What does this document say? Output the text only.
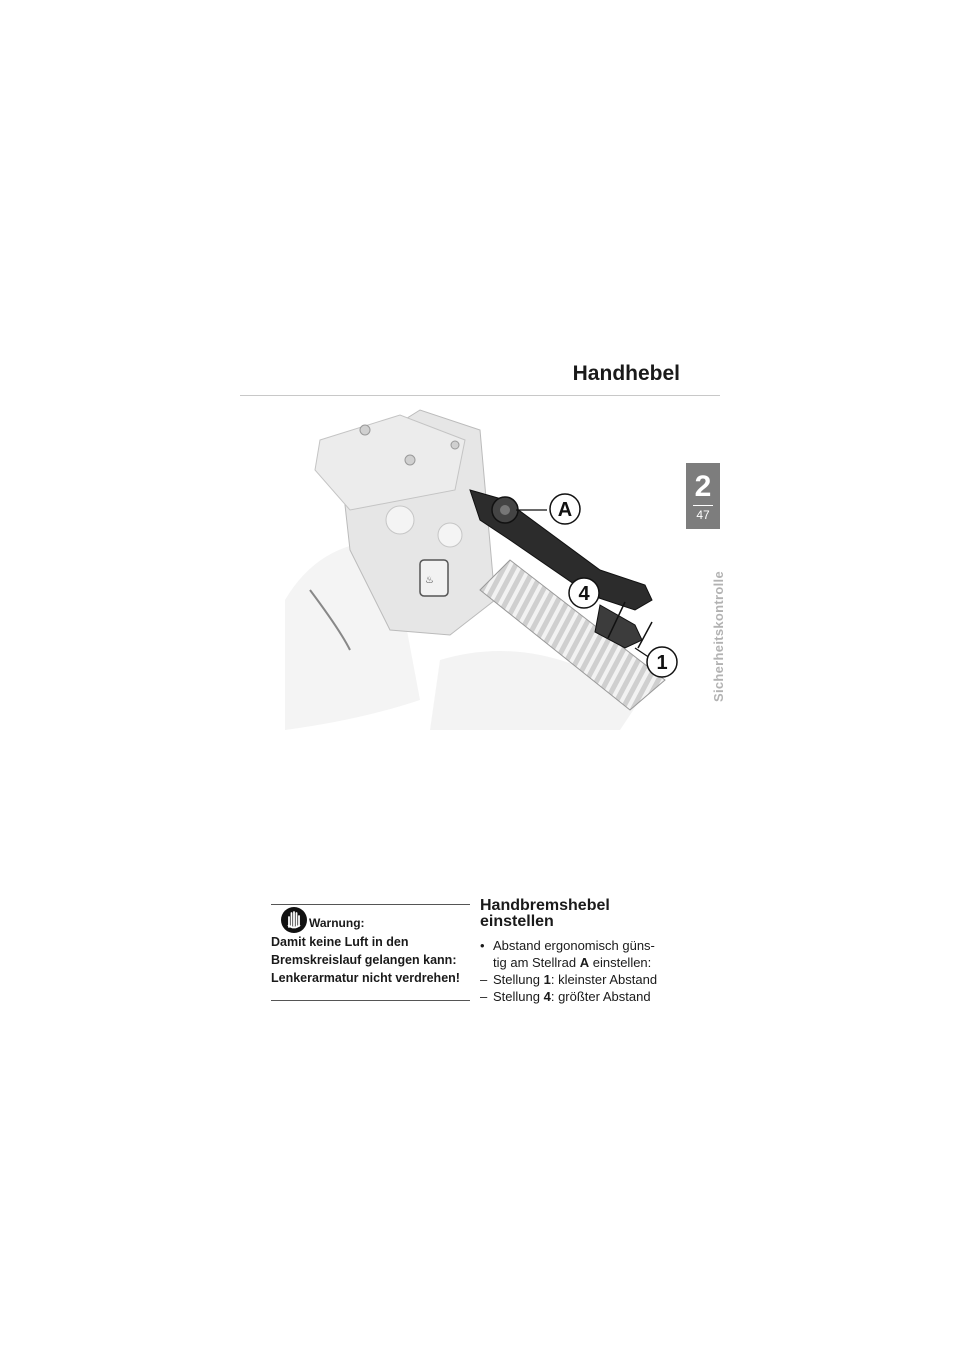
Handhebel
2
47
Sicherheitskontrolle
♨
A
4
1
Warnung:
Damit keine Luft in den Bremskreislauf gelangen kann: Lenkerarmatur nicht verdrehen!
Handbremshebel
einstellen
• Abstand ergonomisch güns-
tig am Stellrad A einstellen:
– Stellung 1: kleinster Abstand
– Stellung 4: größter Abstand
